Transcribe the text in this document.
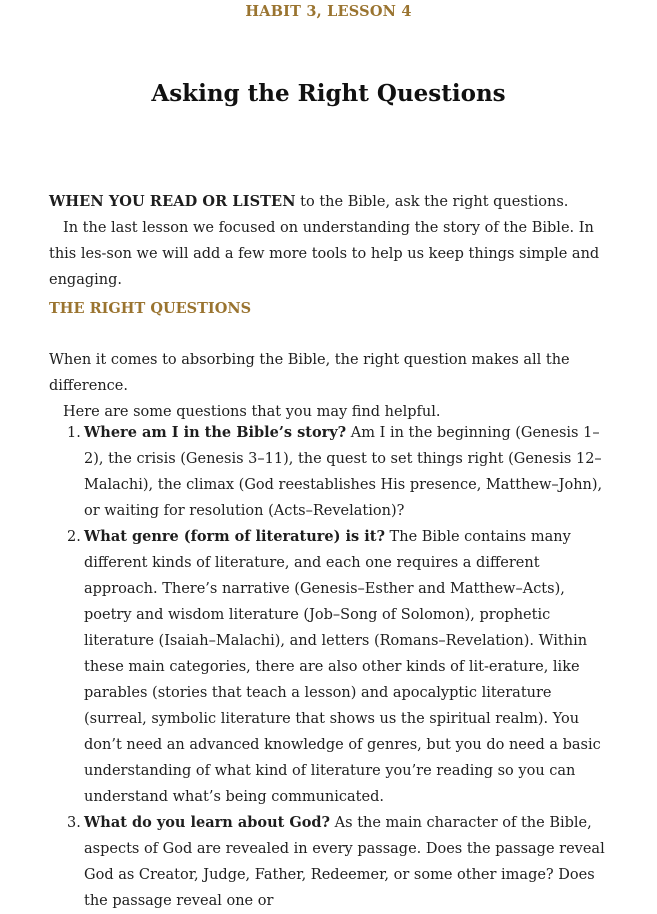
HABIT 3, LESSON 4
Asking the Right Questions
WHEN YOU READ OR LISTEN to the Bible, ask the right questions.
In the last lesson we focused on understanding the story of the Bible. In this les-son we will add a few more tools to help us keep things simple and engaging.
THE RIGHT QUESTIONS
When it comes to absorbing the Bible, the right question makes all the difference.
Here are some questions that you may find helpful.
1. Where am I in the Bible’s story? Am I in the beginning (Genesis 1–2), the crisis (Genesis 3–11), the quest to set things right (Genesis 12–Malachi), the climax (God reestablishes His presence, Matthew–John), or waiting for resolution (Acts–Revelation)?
2. What genre (form of literature) is it? The Bible contains many different kinds of literature, and each one requires a different approach. There’s narrative (Genesis–Esther and Matthew–Acts), poetry and wisdom literature (Job–Song of Solomon), prophetic literature (Isaiah–Malachi), and letters (Romans–Revelation). Within these main categories, there are also other kinds of lit-erature, like parables (stories that teach a lesson) and apocalyptic literature (surreal, symbolic literature that shows us the spiritual realm). You don’t need an advanced knowledge of genres, but you do need a basic understanding of what kind of literature you’re reading so you can understand what’s being communicated.
3. What do you learn about God? As the main character of the Bible, aspects of God are revealed in every passage. Does the passage reveal God as Creator, Judge, Father, Redeemer, or some other image? Does the passage reveal one or
